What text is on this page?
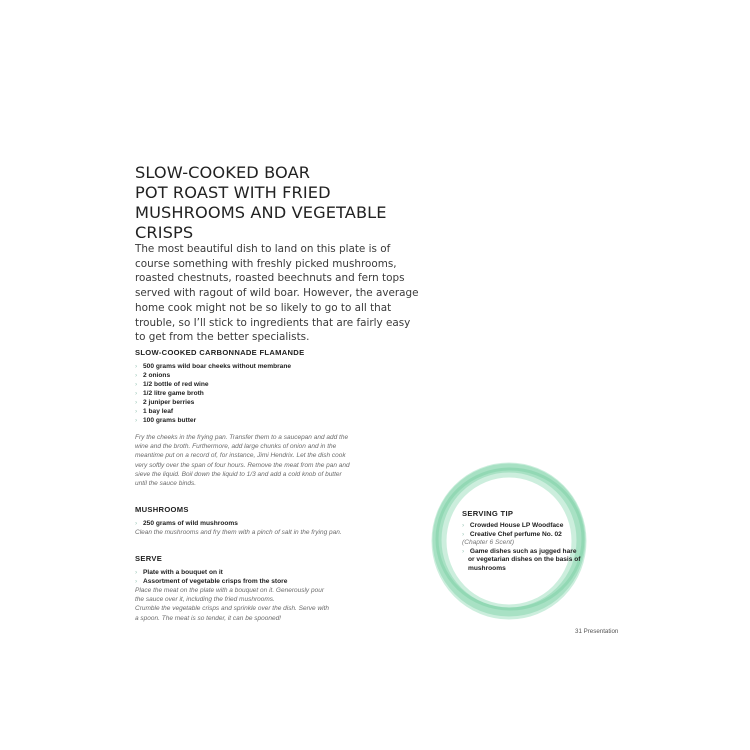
SLOW-COOKED BOAR
POT ROAST WITH FRIED
MUSHROOMS AND VEGETABLE
CRISPS

The most beautiful dish to land on this plate is of
course something with freshly picked mushrooms,
roasted chestnuts, roasted beechnuts and fern tops
served with ragout of wild boar. However, the average
home cook might not be so likely to go to all that
trouble, so I’ll stick to ingredients that are fairly easy
to get from the better specialists.

SLOW-COOKED CARBONNADE FLAMANDE
› 500 grams wild boar cheeks without membrane
› 2 onions
› 1/2 bottle of red wine
› 1/2 litre game broth
› 2 juniper berries
› 1 bay leaf
› 100 grams butter

Fry the cheeks in the frying pan. Transfer them to a saucepan and add the
wine and the broth. Furthermore, add large chunks of onion and in the
meantime put on a record of, for instance, Jimi Hendrix. Let the dish cook
very softly over the span of four hours. Remove the meat from the pan and
sieve the liquid. Boil down the liquid to 1/3 and add a cold knob of butter
until the sauce binds.

MUSHROOMS
› 250 grams of wild mushrooms

Clean the mushrooms and fry them with a pinch of salt in the frying pan.

SERVE
› Plate with a bouquet on it
› Assortment of vegetable crisps from the store

Place the meat on the plate with a bouquet on it. Generously pour
the sauce over it, including the fried mushrooms.
Crumble the vegetable crisps and sprinkle over the dish. Serve with
a spoon. The meat is so tender, it can be spooned!

SERVING TIP
› Crowded House LP Woodface
› Creative Chef perfume No. 02
(Chapter 6 Scent)
› Game dishes such as jugged hare or vegetarian dishes on the basis of mushrooms
31 Presentation
